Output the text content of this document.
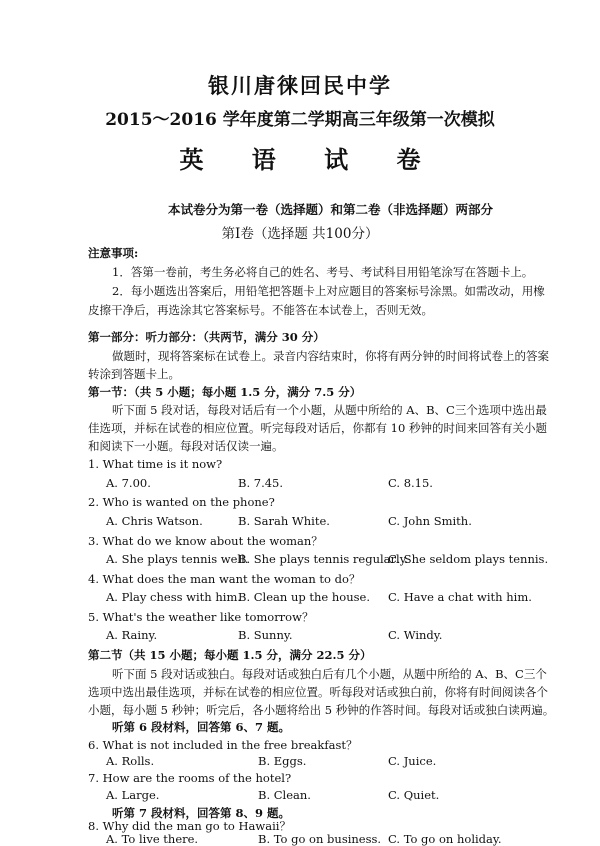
银川唐徕回民中学
2015～2016 学年度第二学期高三年级第一次模拟
英 语 试 卷
本试卷分为第一卷（选择题）和第二卷（非选择题）两部分
第Ⅰ卷（选择题 共100分）
注意事项:
1．答第一卷前，考生务必将自己的姓名、考号、考试科目用铅笔涂写在答题卡上。
2．每小题选出答案后，用铅笔把答题卡上对应题目的答案标号涂黑。如需改动，用橡
皮擦干净后，再选涂其它答案标号。不能答在本试卷上，否则无效。
第一部分：听力部分：（共两节，满分 30 分）
做题时，现将答案标在试卷上。录音内容结束时，你将有两分钟的时间将试卷上的答案
转涂到答题卡上。
第一节：（共 5 小题；每小题 1.5 分，满分 7.5 分）
听下面 5 段对话，每段对话后有一个小题，从题中所给的 A、B、C三个选项中选出最
佳选项，并标在试卷的相应位置。听完每段对话后，你都有 10 秒钟的时间来回答有关小题
和阅读下一小题。每段对话仅读一遍。
1. What time is it now?
A. 7.00.	B. 7.45.	C. 8.15.
2. Who is wanted on the phone?
A. Chris Watson.	B. Sarah White.	C. John Smith.
3. What do we know about the woman？
A. She plays tennis well.
B. She plays tennis regularly.
C. She seldom plays tennis.
4. What does the man want the woman to do？
A. Play chess with him.
B. Clean up the house. C. Have a chat with him.
5. What's the weather like tomorrow？
A. Rainy.	B. Sunny.	C. Windy.
第二节（共 15 小题；每小题 1.5 分，满分 22.5 分）
听下面 5 段对话或独白。每段对话或独白后有几个小题，从题中所给的 A、B、C三个
选项中选出最佳选项，并标在试卷的相应位置。听每段对话或独白前，你将有时间阅读各个
小题，每小题 5 秒钟；听完后，各小题将给出 5 秒钟的作答时间。每段对话或独白读两遍。
听第 6 段材料，回答第 6、7 题。
6. What is not included in the free breakfast？
A. Rolls.	B. Eggs.	C. Juice.
7. How are the rooms of the hotel?
A. Large.	B. Clean.	C. Quiet.
听第 7 段材料，回答第 8、9 题。
8. Why did the man go to Hawaii？
A. To live there.	B. To go on business. C. To go on holiday.
